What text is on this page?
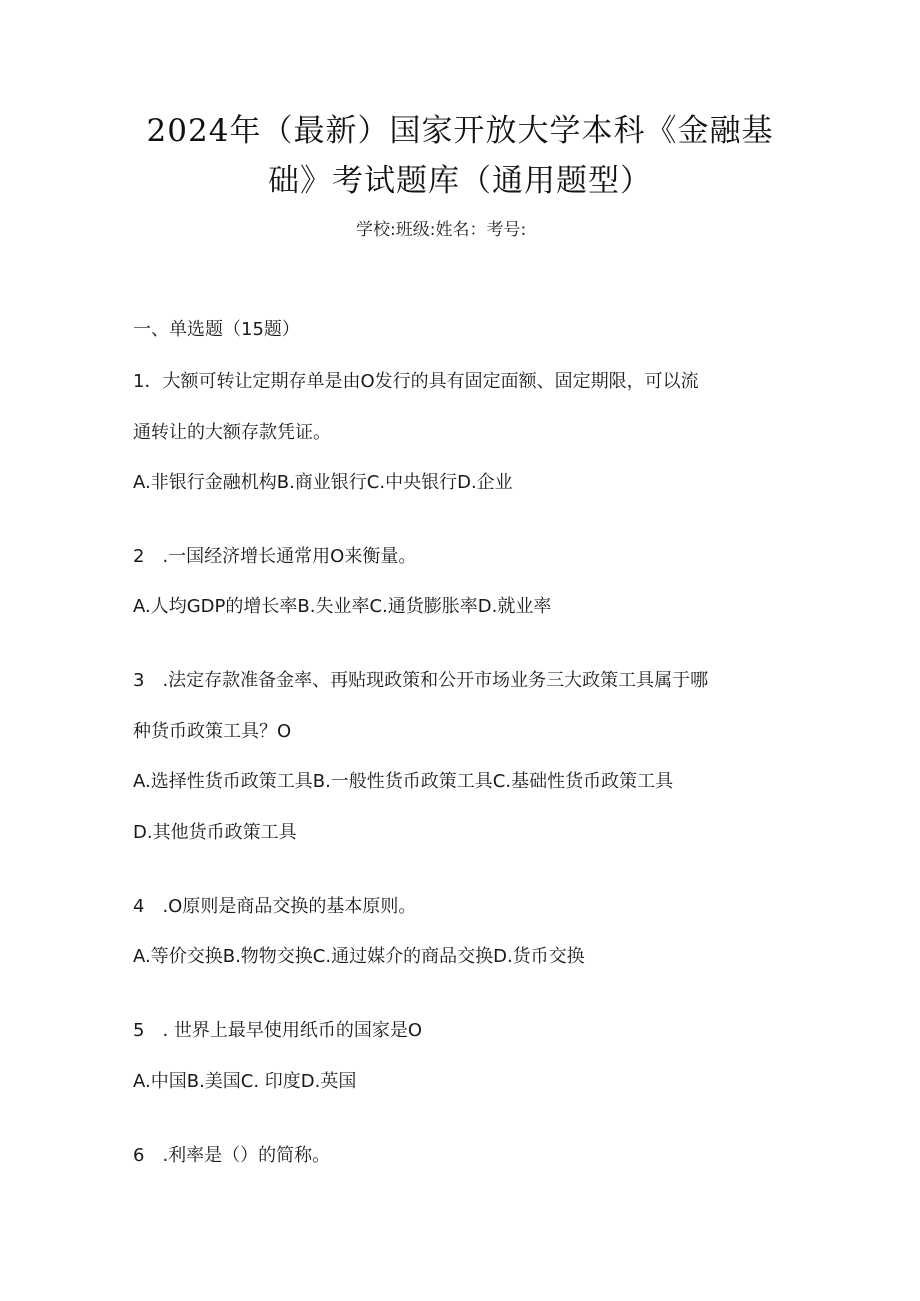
2024年（最新）国家开放大学本科《金融基
础》考试题库（通用题型）
学校:班级:姓名：考号:
一、单选题（15题）
1．大额可转让定期存单是由O发行的具有固定面额、固定期限，可以流
通转让的大额存款凭证。
A.非银行金融机构B.商业银行C.中央银行D.企业
2　.一国经济增长通常用O来衡量。
A.人均GDP的增长率B.失业率C.通货膨胀率D.就业率
3　.法定存款准备金率、再贴现政策和公开市场业务三大政策工具属于哪
种货币政策工具？O
A.选择性货币政策工具B.一般性货币政策工具C.基础性货币政策工具
D.其他货币政策工具
4　.O原则是商品交换的基本原则。
A.等价交换B.物物交换C.通过媒介的商品交换D.货币交换
5　. 世界上最早使用纸币的国家是O
A.中国B.美国C. 印度D.英国
6　.利率是（）的简称。
